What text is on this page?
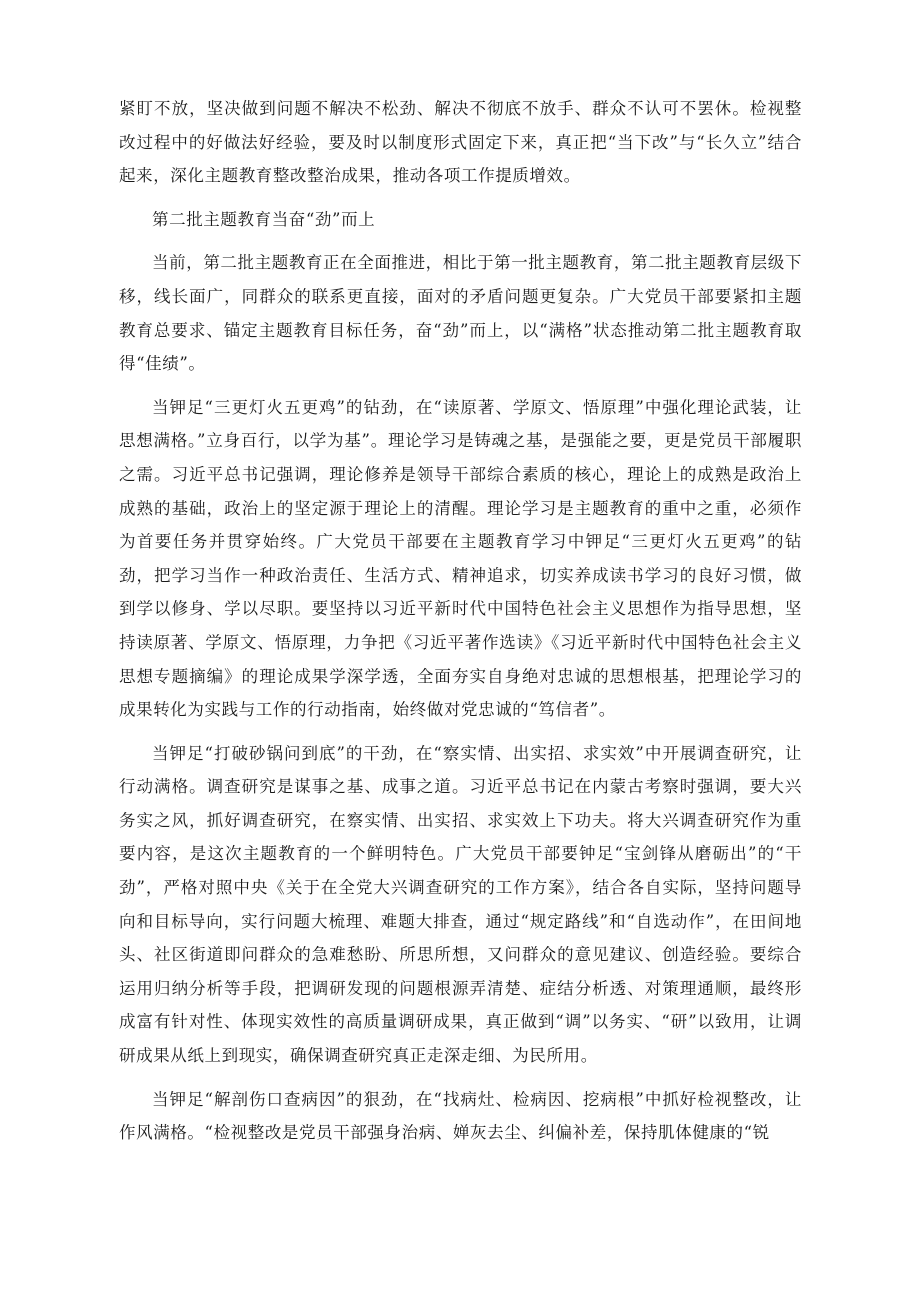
紧盯不放，坚决做到问题不解决不松劲、解决不彻底不放手、群众不认可不罢休。检视整改过程中的好做法好经验，要及时以制度形式固定下来，真正把“当下改”与“长久立”结合起来，深化主题教育整改整治成果，推动各项工作提质增效。

第二批主题教育当奋“劲”而上

当前，第二批主题教育正在全面推进，相比于第一批主题教育，第二批主题教育层级下移，线长面广，同群众的联系更直接，面对的矛盾问题更复杂。广大党员干部要紧扣主题教育总要求、锚定主题教育目标任务，奋“劲”而上，以“满格”状态推动第二批主题教育取得“佳绩”。

当钾足“三更灯火五更鸡”的钻劲，在“读原著、学原文、悟原理”中强化理论武装，让思想满格。”立身百行，以学为基”。理论学习是铸魂之基，是强能之要，更是党员干部履职之需。习近平总书记强调，理论修养是领导干部综合素质的核心，理论上的成熟是政治上成熟的基础，政治上的坚定源于理论上的清醒。理论学习是主题教育的重中之重，必须作为首要任务并贯穿始终。广大党员干部要在主题教育学习中钾足“三更灯火五更鸡”的钻劲，把学习当作一种政治责任、生活方式、精神追求，切实养成读书学习的良好习惯，做到学以修身、学以尽职。要坚持以习近平新时代中国特色社会主义思想作为指导思想，坚持读原著、学原文、悟原理，力争把《习近平著作选读》《习近平新时代中国特色社会主义思想专题摘编》的理论成果学深学透，全面夯实自身绝对忠诚的思想根基，把理论学习的成果转化为实践与工作的行动指南，始终做对党忠诚的“笃信者”。

当钾足“打破砂锅问到底”的干劲，在“察实情、出实招、求实效”中开展调查研究，让行动满格。调查研究是谋事之基、成事之道。习近平总书记在内蒙古考察时强调，要大兴务实之风，抓好调查研究，在察实情、出实招、求实效上下功夫。将大兴调查研究作为重要内容，是这次主题教育的一个鲜明特色。广大党员干部要钟足“宝剑锋从磨砺出”的“干劲”，严格对照中央《关于在全党大兴调查研究的工作方案》，结合各自实际，坚持问题导向和目标导向，实行问题大梳理、难题大排查，通过“规定路线”和“自选动作”，在田间地头、社区街道即问群众的急难愁盼、所思所想，又问群众的意见建议、创造经验。要综合运用归纳分析等手段，把调研发现的问题根源弄清楚、症结分析透、对策理通顺，最终形成富有针对性、体现实效性的高质量调研成果，真正做到“调”以务实、“研”以致用，让调研成果从纸上到现实，确保调查研究真正走深走细、为民所用。

当钾足“解剖伤口查病因”的狠劲，在“找病灶、检病因、挖病根”中抓好检视整改，让作风满格。“检视整改是党员干部强身治病、婵灰去尘、纠偏补差，保持肌体健康的“锐
